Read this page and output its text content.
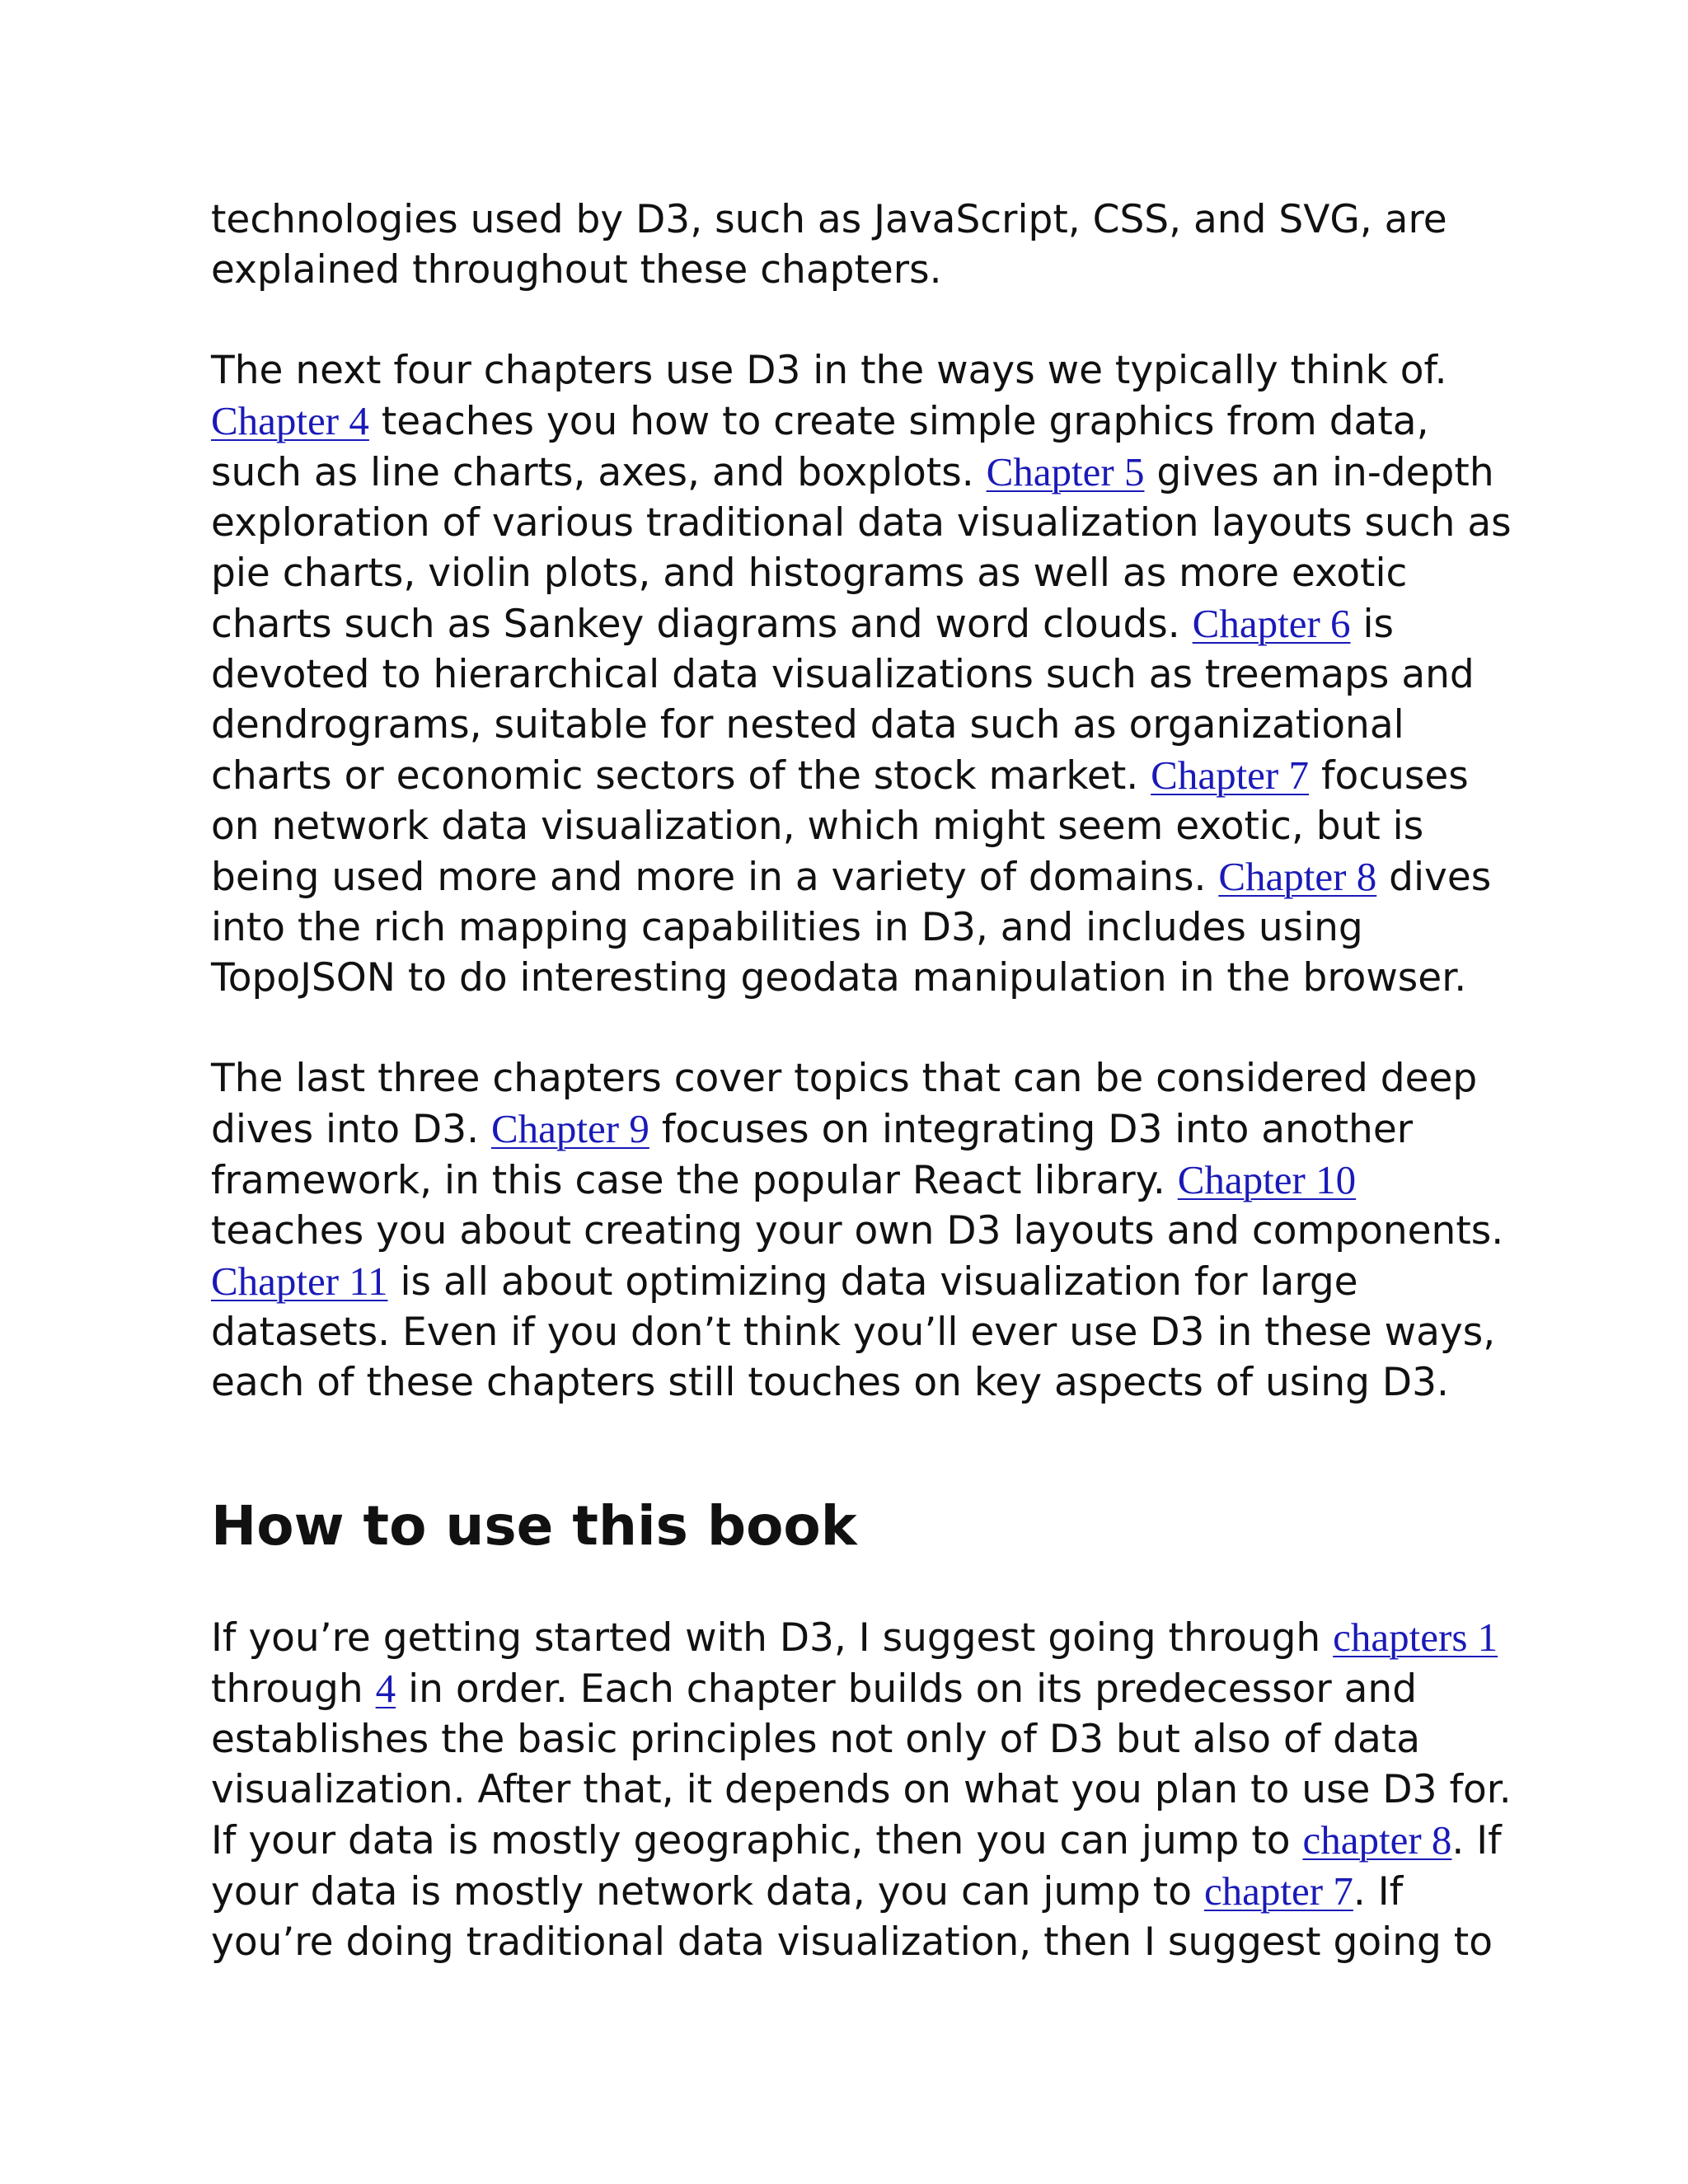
technologies used by D3, such as JavaScript, CSS, and SVG, are explained throughout these chapters.

The next four chapters use D3 in the ways we typically think of. Chapter 4 teaches you how to create simple graphics from data, such as line charts, axes, and boxplots. Chapter 5 gives an in-depth exploration of various traditional data visualization layouts such as pie charts, violin plots, and histograms as well as more exotic charts such as Sankey diagrams and word clouds. Chapter 6 is devoted to hierarchical data visualizations such as treemaps and dendrograms, suitable for nested data such as organizational charts or economic sectors of the stock market. Chapter 7 focuses on network data visualization, which might seem exotic, but is being used more and more in a variety of domains. Chapter 8 dives into the rich mapping capabilities in D3, and includes using TopoJSON to do interesting geodata manipulation in the browser.

The last three chapters cover topics that can be considered deep dives into D3. Chapter 9 focuses on integrating D3 into another framework, in this case the popular React library. Chapter 10 teaches you about creating your own D3 layouts and components. Chapter 11 is all about optimizing data visualization for large datasets. Even if you don’t think you’ll ever use D3 in these ways, each of these chapters still touches on key aspects of using D3.

How to use this book

If you’re getting started with D3, I suggest going through chapters 1 through 4 in order. Each chapter builds on its predecessor and establishes the basic principles not only of D3 but also of data visualization. After that, it depends on what you plan to use D3 for. If your data is mostly geographic, then you can jump to chapter 8. If your data is mostly network data, you can jump to chapter 7. If you’re doing traditional data visualization, then I suggest going to
